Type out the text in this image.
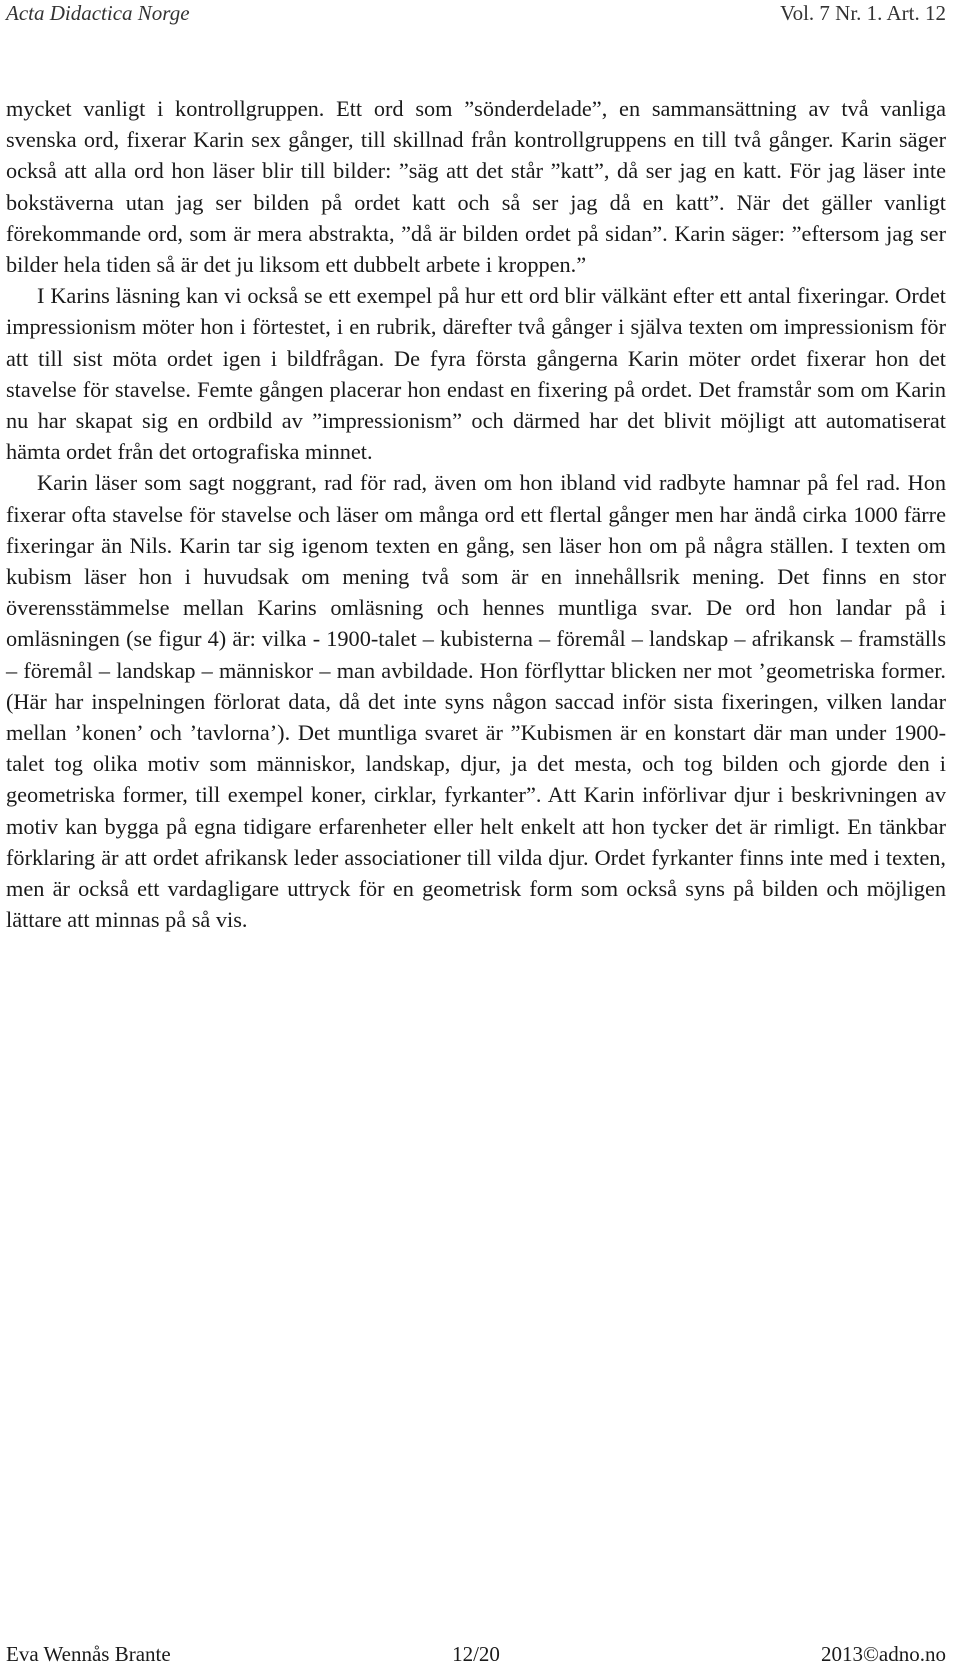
Acta Didactica Norge	Vol. 7 Nr. 1. Art. 12

mycket vanligt i kontrollgruppen. Ett ord som ”sönderdelade”, en sammansättning av två vanliga svenska ord, fixerar Karin sex gånger, till skillnad från kontrollgruppens en till två gånger. Karin säger också att alla ord hon läser blir till bilder: ”säg att det står ”katt”, då ser jag en katt. För jag läser inte bokstäverna utan jag ser bilden på ordet katt och så ser jag då en katt”. När det gäller vanligt förekommande ord, som är mera abstrakta, ”då är bilden ordet på sidan”. Karin säger: ”eftersom jag ser bilder hela tiden så är det ju liksom ett dubbelt arbete i kroppen.”

I Karins läsning kan vi också se ett exempel på hur ett ord blir välkänt efter ett antal fixeringar. Ordet impressionism möter hon i förtestet, i en rubrik, därefter två gånger i själva texten om impressionism för att till sist möta ordet igen i bildfrågan. De fyra första gångerna Karin möter ordet fixerar hon det stavelse för stavelse. Femte gången placerar hon endast en fixering på ordet. Det framstår som om Karin nu har skapat sig en ordbild av ”impressionism” och därmed har det blivit möjligt att automatiserat hämta ordet från det ortografiska minnet.

Karin läser som sagt noggrant, rad för rad, även om hon ibland vid radbyte hamnar på fel rad. Hon fixerar ofta stavelse för stavelse och läser om många ord ett flertal gånger men har ändå cirka 1000 färre fixeringar än Nils. Karin tar sig igenom texten en gång, sen läser hon om på några ställen. I texten om kubism läser hon i huvudsak om mening två som är en innehållsrik mening. Det finns en stor överensstämmelse mellan Karins omläsning och hennes muntliga svar. De ord hon landar på i omläsningen (se figur 4) är: vilka - 1900-talet – kubisterna – föremål – landskap – afrikansk – framställs – föremål – landskap – människor – man avbildade. Hon förflyttar blicken ner mot ’geometriska former. (Här har inspelningen förlorat data, då det inte syns någon saccad inför sista fixeringen, vilken landar mellan ’konen’ och ’tavlorna’). Det muntliga svaret är ”Kubismen är en konstart där man under 1900-talet tog olika motiv som människor, landskap, djur, ja det mesta, och tog bilden och gjorde den i geometriska former, till exempel koner, cirklar, fyrkanter”. Att Karin införlivar djur i beskrivningen av motiv kan bygga på egna tidigare erfarenheter eller helt enkelt att hon tycker det är rimligt. En tänkbar förklaring är att ordet afrikansk leder associationer till vilda djur. Ordet fyrkanter finns inte med i texten, men är också ett vardagligare uttryck för en geometrisk form som också syns på bilden och möjligen lättare att minnas på så vis.

Eva Wennås Brante	12/20	2013©adno.no
